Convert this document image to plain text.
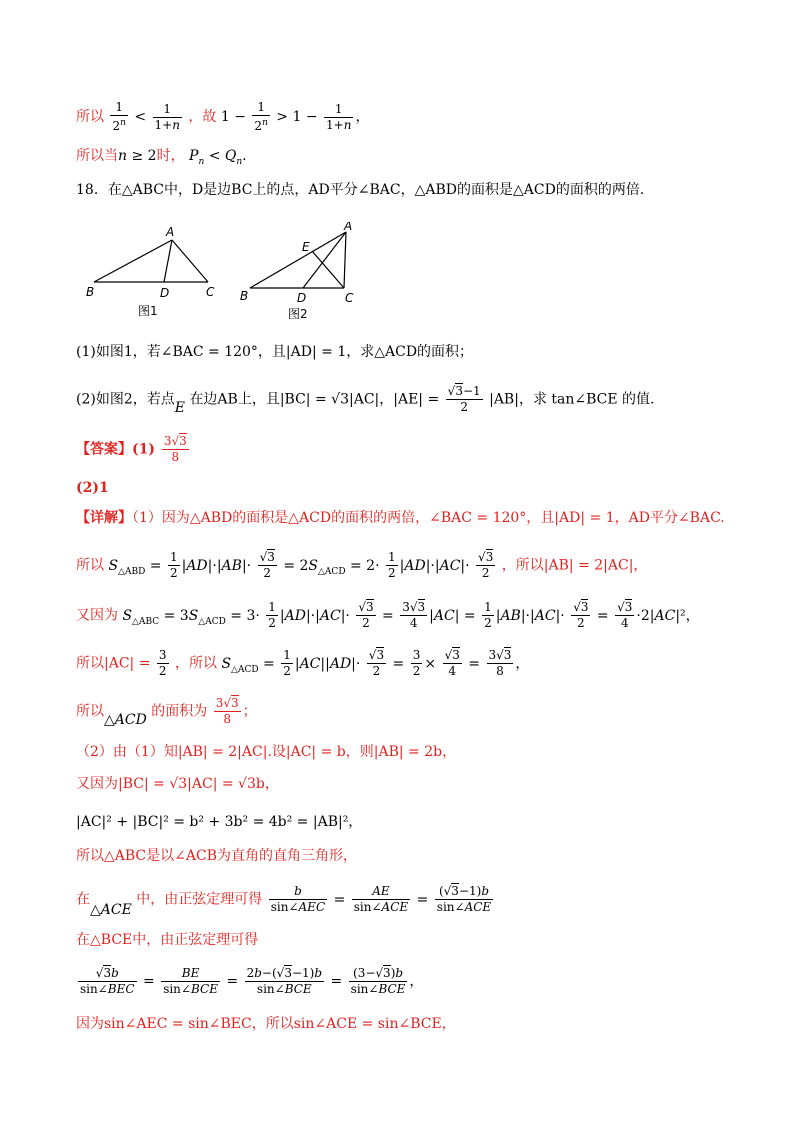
所以 $\frac{1}{2^n} < \frac{1}{1+n}$ ，故 $1 - \frac{1}{2^n} > 1 - \frac{1}{1+n}$ ，
所以当n ≥ 2时， $P_n < Q_n$.
18．在△ABC中，D是边BC上的点，AD平分∠BAC，△ABD的面积是△ACD的面积的两倍.
A
B	D	C
A
E
B	D	C
图1	图2
(1)如图1，若∠BAC = 120°，且|AD| = 1，求△ACD的面积；
(2)如图2，若点E 在边AB上，且|BC| = √3|AC|，$|AE| = \frac{√3-1}{2} |AB|$，求 tan∠BCE 的值.
【答案】$(1) \frac{3√3}{8}$
(2)1
【详解】（1）因为△ABD的面积是△ACD的面积的两倍，∠BAC = 120°，且|AD| = 1，AD平分∠BAC.
所以 $S_{\triangle ABD} = \frac{1}{2} |AD|\cdot|AB|\cdot \frac{√3}{2} = 2S_{\triangle ACD} = 2\cdot \frac{1}{2} |AD|\cdot|AC|\cdot \frac{√3}{2}$ ，所以|AB| = 2|AC|，
又因为 $S_{\triangle ABC} = 3S_{\triangle ACD} = 3\cdot \frac{1}{2} |AD|\cdot|AC|\cdot \frac{√3}{2} = \frac{3√3}{4} |AC| = \frac{1}{2} |AB|\cdot|AC|\cdot \frac{√3}{2} = \frac{√3}{4} \cdot 2|AC|^2$，
所以$|AC| = \frac{3}{2}$ ，所以 $S_{\triangle ACD} = \frac{1}{2} |AC||AD|\cdot \frac{√3}{2} = \frac{3}{2} \times \frac{√3}{4} = \frac{3√3}{8}$ ，
所以△ACD 的面积为 $\frac{3√3}{8}$ ；
（2）由（1）知|AB| = 2|AC|.设|AC| = b，则|AB| = 2b，
又因为|BC| = √3|AC| = √3b，
|AC|² + |BC|² = b² + 3b² = 4b² = |AB|²，
所以△ABC是以∠ACB为直角的直角三角形，
在△ACE 中，由正弦定理可得 $\frac{b}{\text{sin∠AEC}} = \frac{AE}{\text{sin∠ACE}} = \frac{(√3-1)b}{\text{sin∠ACE}}$
在△BCE中，由正弦定理可得
$\frac{√3b}{\text{sin∠BEC}} = \frac{BE}{\text{sin∠BCE}} = \frac{2b-(√3-1)b}{\text{sin∠BCE}} = \frac{(3-√3)b}{\text{sin∠BCE}}$ ，
因为sin∠AEC = sin∠BEC，所以sin∠ACE = sin∠BCE，
